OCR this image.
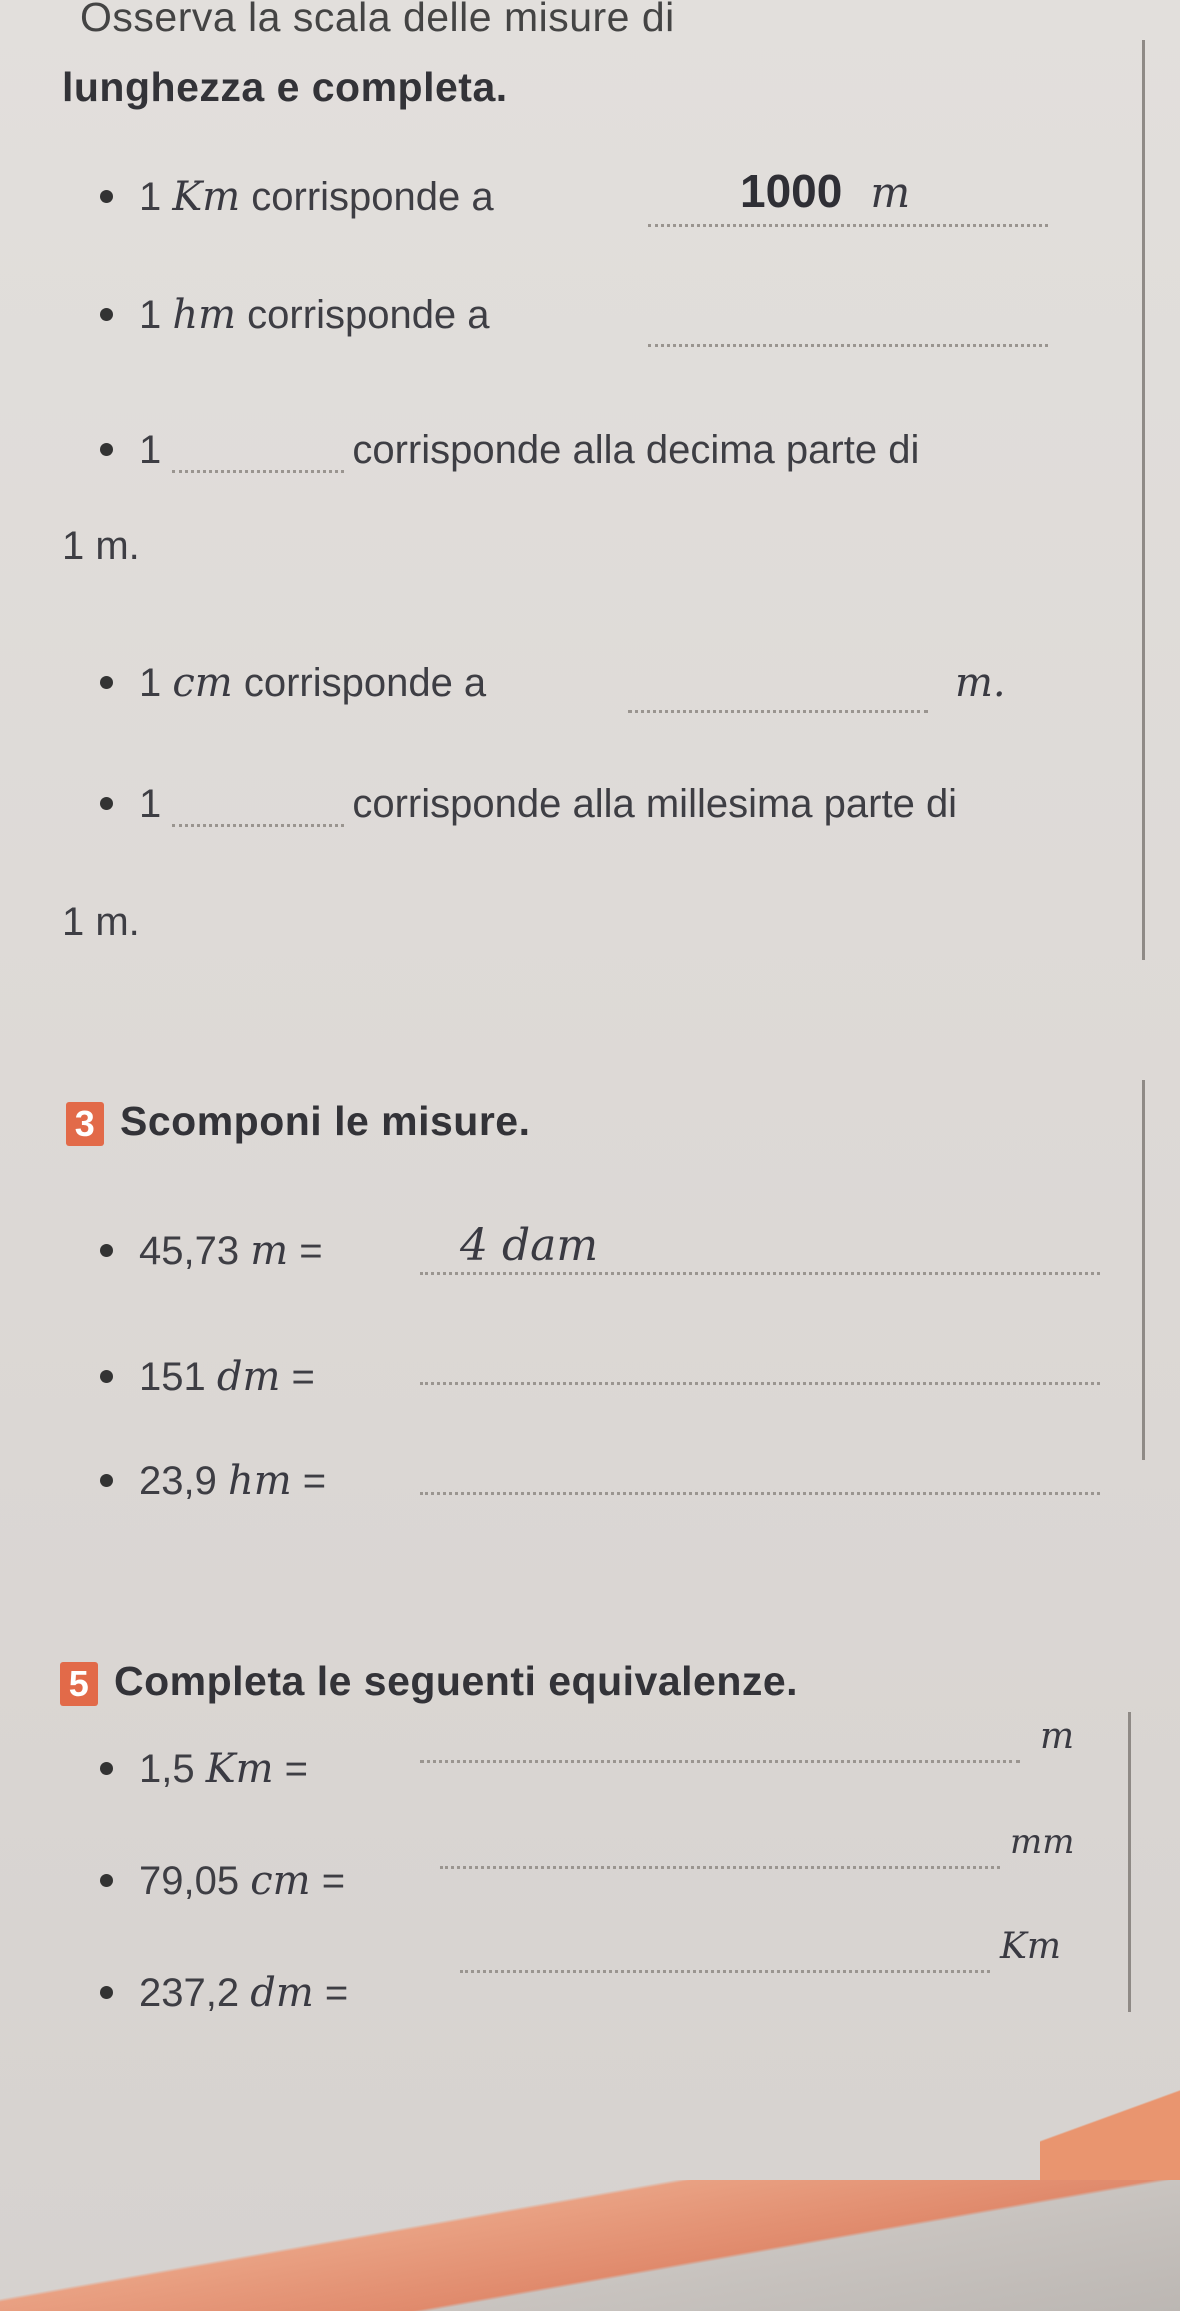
Osserva la scala delle misure di
lunghezza e completa.
1 Km corrisponde a	1000 m
1 hm corrisponde a
1	corrisponde alla decima parte di
1 m.
1 cm corrisponde a	m.
1	corrisponde alla millesima parte di
1 m.
3 Scomponi le misure.
45,73 m =	4 dam
151 dm =
23,9 hm =
5 Completa le seguenti equivalenze.
1,5 Km =
m
79,05 cm =
mm
237,2 dm =
Km
